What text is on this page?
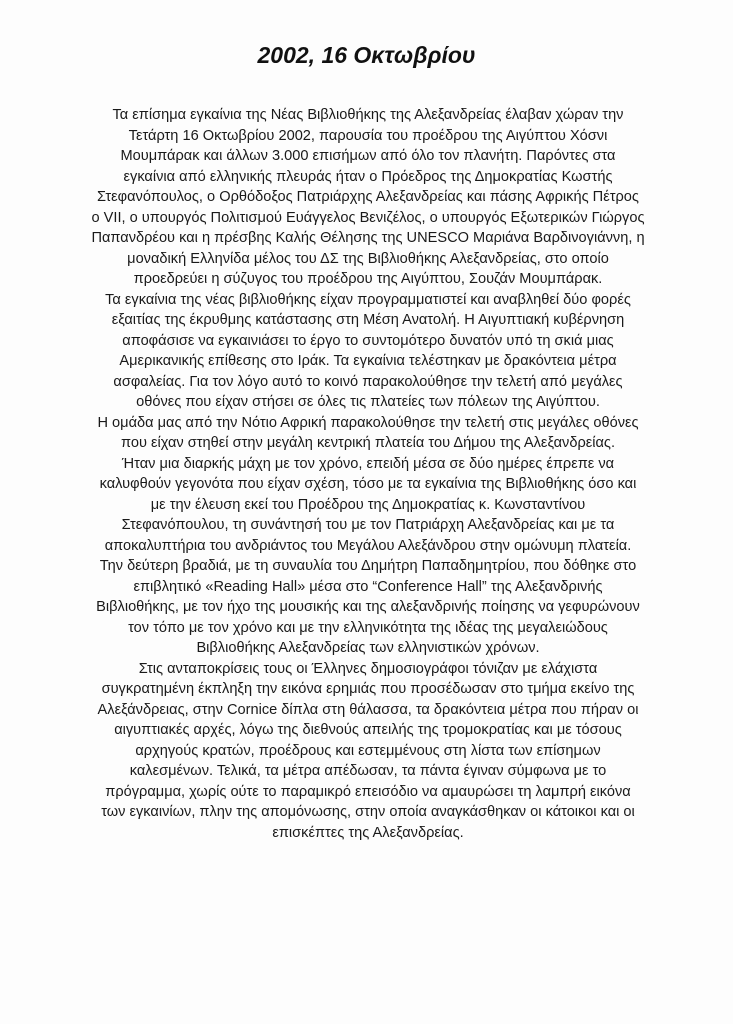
2002, 16 Οκτωβρίου
Τα επίσημα εγκαίνια της Νέας Βιβλιοθήκης της Αλεξανδρείας έλαβαν χώραν την
Τετάρτη 16 Οκτωβρίου 2002, παρουσία του προέδρου της Αιγύπτου Χόσνι
Μουμπάρακ και άλλων 3.000 επισήμων από όλο τον πλανήτη. Παρόντες στα
εγκαίνια από ελληνικής πλευράς ήταν ο Πρόεδρος της Δημοκρατίας Κωστής
Στεφανόπουλος, ο Ορθόδοξος Πατριάρχης Αλεξανδρείας και πάσης Αφρικής Πέτρος
ο VII, ο υπουργός Πολιτισμού Ευάγγελος Βενιζέλος, ο υπουργός Εξωτερικών Γιώργος
Παπανδρέου και η πρέσβης Καλής Θέλησης της UNESCO Μαριάνα Βαρδινογιάννη, η
μοναδική Ελληνίδα μέλος του ΔΣ της Βιβλιοθήκης Αλεξανδρείας, στο οποίο
προεδρεύει η σύζυγος του προέδρου της Αιγύπτου, Σουζάν Μουμπάρακ.
Τα εγκαίνια της νέας βιβλιοθήκης είχαν προγραμματιστεί και αναβληθεί δύο φορές
εξαιτίας της έκρυθμης κατάστασης στη Μέση Ανατολή. Η Αιγυπτιακή κυβέρνηση
αποφάσισε να εγκαινιάσει το έργο το συντομότερο δυνατόν υπό τη σκιά μιας
Αμερικανικής επίθεσης στο Ιράκ. Τα εγκαίνια τελέστηκαν με δρακόντεια μέτρα
ασφαλείας. Για τον λόγο αυτό το κοινό παρακολούθησε την τελετή από μεγάλες
οθόνες που είχαν στήσει σε όλες τις πλατείες των πόλεων της Αιγύπτου.
Η ομάδα μας από την Νότιο Αφρική παρακολούθησε την τελετή στις μεγάλες οθόνες
που είχαν στηθεί στην μεγάλη κεντρική πλατεία του Δήμου της Αλεξανδρείας.
Ήταν μια διαρκής μάχη με τον χρόνο, επειδή μέσα σε δύο ημέρες έπρεπε να
καλυφθούν γεγονότα που είχαν σχέση, τόσο με τα εγκαίνια της Βιβλιοθήκης όσο και
με την έλευση εκεί του Προέδρου της Δημοκρατίας κ. Κωνσταντίνου
Στεφανόπουλου, τη συνάντησή του με τον Πατριάρχη Αλεξανδρείας και με τα
αποκαλυπτήρια του ανδριάντος του Μεγάλου Αλεξάνδρου στην ομώνυμη πλατεία.
Την δεύτερη βραδιά, με τη συναυλία του Δημήτρη Παπαδημητρίου, που δόθηκε στο
επιβλητικό «Reading Hall» μέσα στο “Conference Hall” της Αλεξανδρινής
Βιβλιοθήκης, με τον ήχο της μουσικής και της αλεξανδρινής ποίησης να γεφυρώνουν
τον τόπο με τον χρόνο και με την ελληνικότητα της ιδέας της μεγαλειώδους
Βιβλιοθήκης Αλεξανδρείας των ελληνιστικών χρόνων.
Στις ανταποκρίσεις τους οι Έλληνες δημοσιογράφοι τόνιζαν με ελάχιστα
συγκρατημένη έκπληξη την εικόνα ερημιάς που προσέδωσαν στο τμήμα εκείνο της
Αλεξάνδρειας, στην Cornice δίπλα στη θάλασσα, τα δρακόντεια μέτρα που πήραν οι
αιγυπτιακές αρχές, λόγω της διεθνούς απειλής της τρομοκρατίας και με τόσους
αρχηγούς κρατών, προέδρους και εστεμμένους στη λίστα των επίσημων
καλεσμένων. Τελικά, τα μέτρα απέδωσαν, τα πάντα έγιναν σύμφωνα με το
πρόγραμμα, χωρίς ούτε το παραμικρό επεισόδιο να αμαυρώσει τη λαμπρή εικόνα
των εγκαινίων, πλην της απομόνωσης, στην οποία αναγκάσθηκαν οι κάτοικοι και οι
επισκέπτες της Αλεξανδρείας.
